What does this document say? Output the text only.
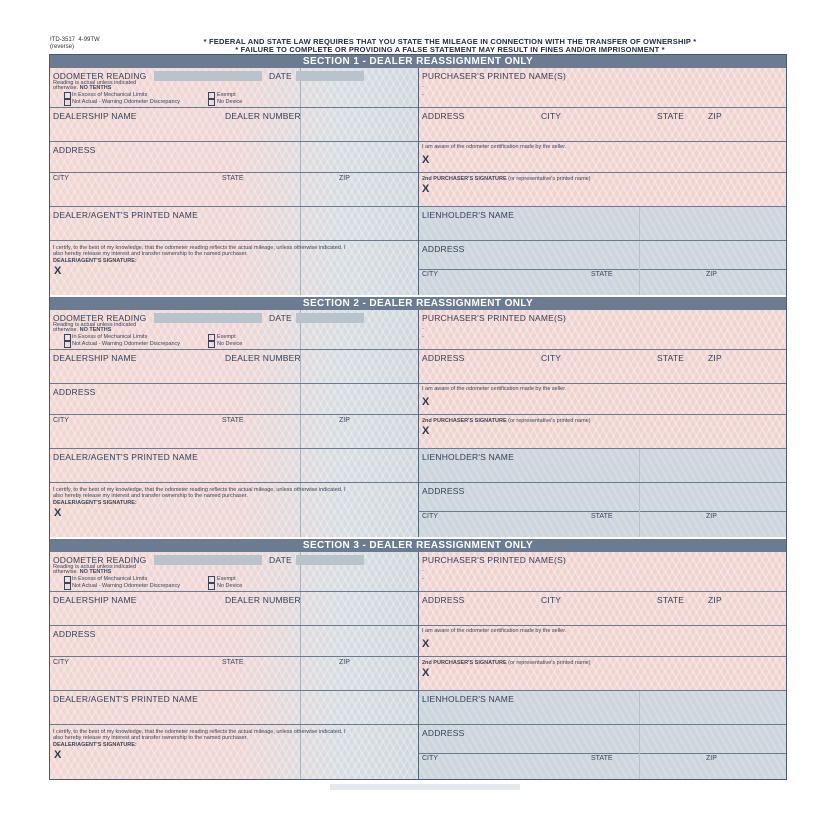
ITD-3517 4-99TW
(reverse)
* FEDERAL AND STATE LAW REQUIRES THAT YOU STATE THE MILEAGE IN CONNECTION WITH THE TRANSFER OF OWNERSHIP *
* FAILURE TO COMPLETE OR PROVIDING A FALSE STATEMENT MAY RESULT IN FINES AND/OR IMPRISONMENT *
SECTION 1 - DEALER REASSIGNMENT ONLY
ODOMETER READING
Reading is actual unless indicated
otherwise. NO TENTHS
In Excess of Mechanical Limits
Not Actual - Warning Odometer Discrepancy
Exempt
No Device
DATE
DEALERSHIP NAME	DEALER NUMBER
ADDRESS
CITY	STATE	ZIP
DEALER/AGENT'S PRINTED NAME
I certify, to the best of my knowledge, that the odometer reading reflects the actual mileage, unless otherwise indicated. I
also hereby release my interest and transfer ownership to the named purchaser.
DEALER/AGENT'S SIGNATURE:
X
PURCHASER'S PRINTED NAME(S)
.
.
ADDRESS	CITY	STATE	ZIP
I am aware of the odometer certification made by the seller.
X
2nd PURCHASER'S SIGNATURE (or representative's printed name)
X
LIENHOLDER'S NAME
ADDRESS
CITY	STATE	ZIP
SECTION 2 - DEALER REASSIGNMENT ONLY
ODOMETER READING
Reading is actual unless indicated
otherwise. NO TENTHS
In Excess of Mechanical Limits
Not Actual - Warning Odometer Discrepancy
Exempt
No Device
DATE
DEALERSHIP NAME	DEALER NUMBER
ADDRESS
CITY	STATE	ZIP
DEALER/AGENT'S PRINTED NAME
I certify, to the best of my knowledge, that the odometer reading reflects the actual mileage, unless otherwise indicated. I
also hereby release my interest and transfer ownership to the named purchaser.
DEALER/AGENT'S SIGNATURE:
X
PURCHASER'S PRINTED NAME(S)
.
.
ADDRESS	CITY	STATE	ZIP
I am aware of the odometer certification made by the seller.
X
2nd PURCHASER'S SIGNATURE (or representative's printed name)
X
LIENHOLDER'S NAME
ADDRESS
CITY	STATE	ZIP
SECTION 3 - DEALER REASSIGNMENT ONLY
ODOMETER READING
Reading is actual unless indicated
otherwise. NO TENTHS
In Excess of Mechanical Limits
Not Actual - Warning Odometer Discrepancy
Exempt
No Device
DATE
DEALERSHIP NAME	DEALER NUMBER
ADDRESS
CITY	STATE	ZIP
DEALER/AGENT'S PRINTED NAME
I certify, to the best of my knowledge, that the odometer reading reflects the actual mileage, unless otherwise indicated. I
also hereby release my interest and transfer ownership to the named purchaser.
DEALER/AGENT'S SIGNATURE:
X
PURCHASER'S PRINTED NAME(S)
.
.
ADDRESS	CITY	STATE	ZIP
I am aware of the odometer certification made by the seller.
X
2nd PURCHASER'S SIGNATURE (or representative's printed name)
X
LIENHOLDER'S NAME
ADDRESS
CITY	STATE	ZIP
